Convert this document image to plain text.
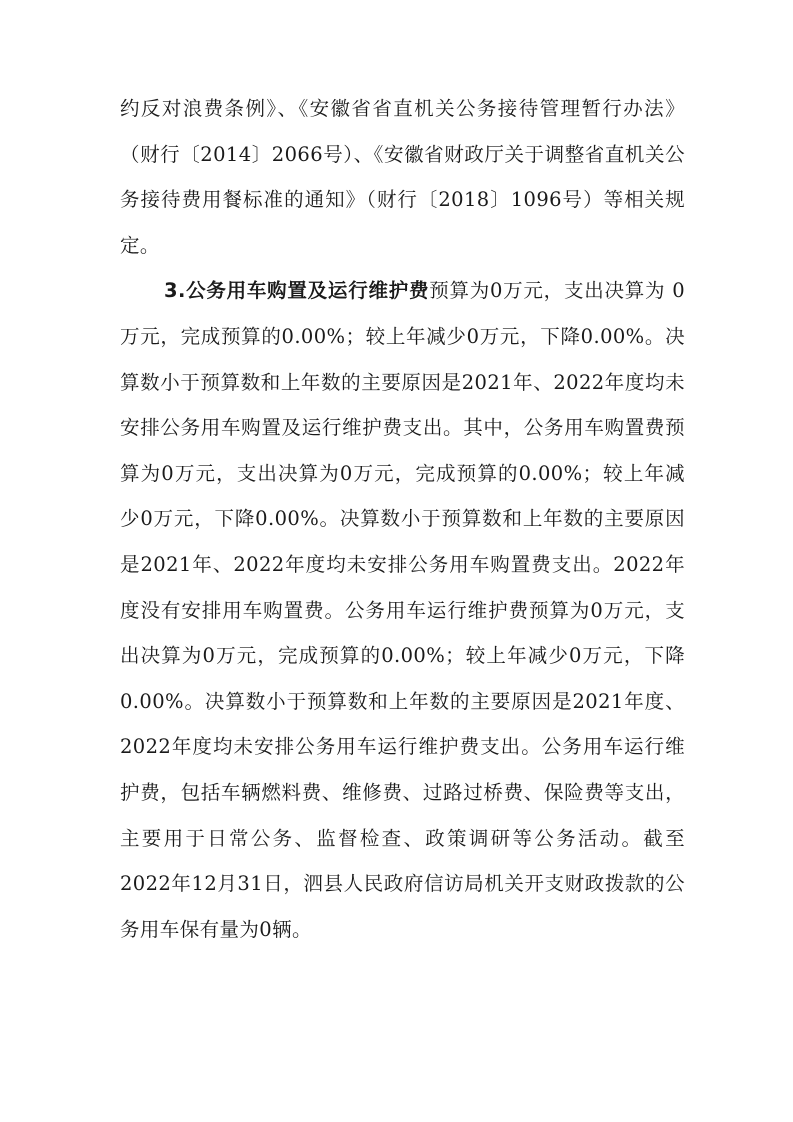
约反对浪费条例》、《安徽省省直机关公务接待管理暂行办法》（财行〔2014〕2066号）、《安徽省财政厅关于调整省直机关公务接待费用餐标准的通知》（财行〔2018〕1096号）等相关规定。

3.公务用车购置及运行维护费预算为0万元，支出决算为 0万元，完成预算的0.00%；较上年减少0万元，下降0.00%。决算数小于预算数和上年数的主要原因是2021年、2022年度均未安排公务用车购置及运行维护费支出。其中，公务用车购置费预算为0万元，支出决算为0万元，完成预算的0.00%；较上年减少0万元，下降0.00%。决算数小于预算数和上年数的主要原因是2021年、2022年度均未安排公务用车购置费支出。2022年度没有安排用车购置费。公务用车运行维护费预算为0万元，支出决算为0万元，完成预算的0.00%；较上年减少0万元，下降0.00%。决算数小于预算数和上年数的主要原因是2021年度、2022年度均未安排公务用车运行维护费支出。公务用车运行维护费，包括车辆燃料费、维修费、过路过桥费、保险费等支出，主要用于日常公务、监督检查、政策调研等公务活动。截至2022年12月31日，泗县人民政府信访局机关开支财政拨款的公务用车保有量为0辆。
